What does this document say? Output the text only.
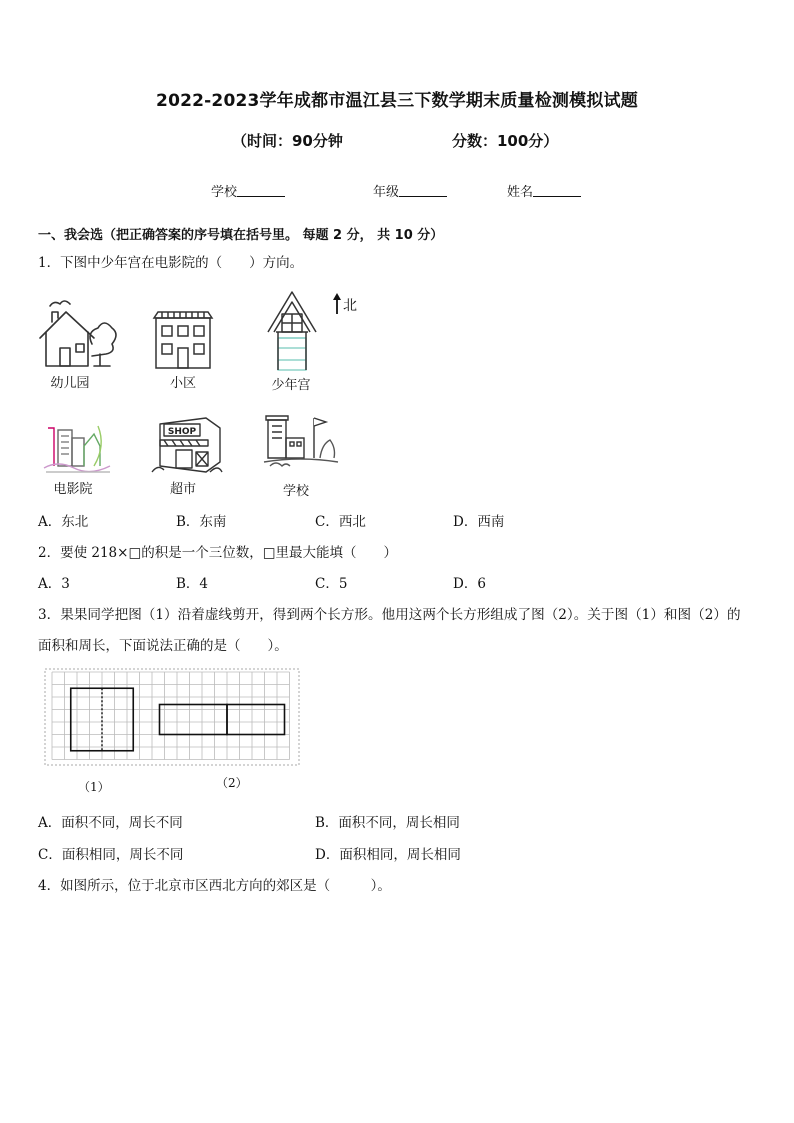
2022-2023学年成都市温江县三下数学期末质量检测模拟试题
（时间：90分钟	分数：100分）
学校	年级	姓名
一、我会选（把正确答案的序号填在括号里。 每题 2 分， 共 10 分）
1．下图中少年宫在电影院的（　　）方向。
幼儿园	小区	少年宫
北
电影院
SHOP
超市	学校
A．东北	B．东南	C．西北	D．西南
2．要使 218×□的积是一个三位数，□里最大能填（　　）
A．3	B．4	C．5	D．6
3．果果同学把图（1）沿着虚线剪开，得到两个长方形。他用这两个长方形组成了图（2）。关于图（1）和图（2）的
面积和周长，下面说法正确的是（　　）。
（1）	（2）
A．面积不同，周长不同	B．面积不同，周长相同
C．面积相同，周长不同	D．面积相同，周长相同
4．如图所示，位于北京市区西北方向的郊区是（　　　）。
